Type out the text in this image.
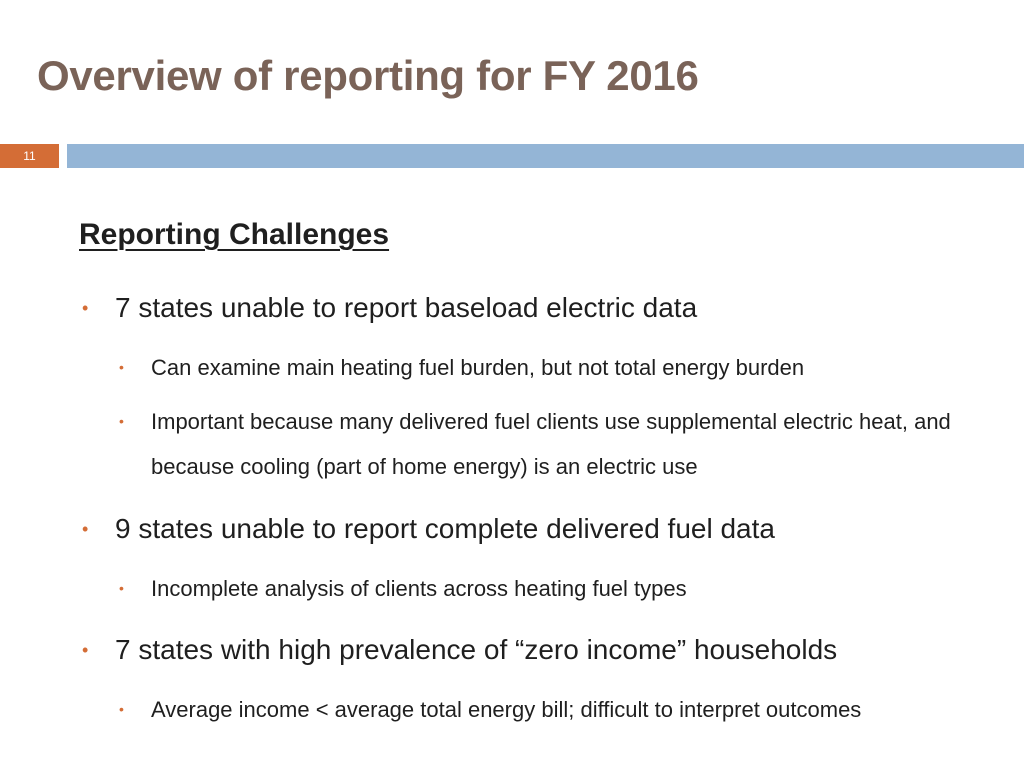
Overview of reporting for FY 2016
11
Reporting Challenges
• 7 states unable to report baseload electric data
• Can examine main heating fuel burden, but not total energy burden
• Important because many delivered fuel clients use supplemental electric heat, and because cooling (part of home energy) is an electric use
• 9 states unable to report complete delivered fuel data
• Incomplete analysis of clients across heating fuel types
• 7 states with high prevalence of “zero income” households
• Average income < average total energy bill; difficult to interpret outcomes
